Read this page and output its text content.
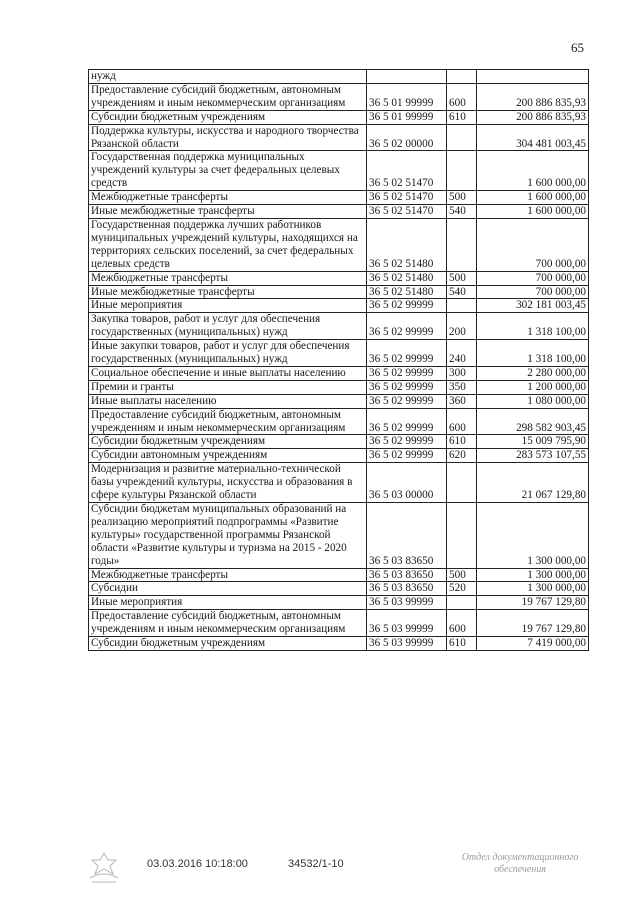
65
нужд			
Предоставление субсидий бюджетным, автономным учреждениям и иным некоммерческим организациям	36 5 01 99999	600	200 886 835,93
Субсидии бюджетным учреждениям	36 5 01 99999	610	200 886 835,93
Поддержка культуры, искусства и народного творчества Рязанской области	36 5 02 00000		304 481 003,45
Государственная поддержка муниципальных учреждений культуры за счет федеральных целевых средств	36 5 02 51470		1 600 000,00
Межбюджетные трансферты	36 5 02 51470	500	1 600 000,00
Иные межбюджетные трансферты	36 5 02 51470	540	1 600 000,00
Государственная поддержка лучших работников муниципальных учреждений культуры, находящихся на территориях сельских поселений, за счет федеральных целевых средств	36 5 02 51480		700 000,00
Межбюджетные трансферты	36 5 02 51480	500	700 000,00
Иные межбюджетные трансферты	36 5 02 51480	540	700 000,00
Иные мероприятия	36 5 02 99999		302 181 003,45
Закупка товаров, работ и услуг для обеспечения государственных (муниципальных) нужд	36 5 02 99999	200	1 318 100,00
Иные закупки товаров, работ и услуг для обеспечения государственных (муниципальных) нужд	36 5 02 99999	240	1 318 100,00
Социальное обеспечение и иные выплаты населению	36 5 02 99999	300	2 280 000,00
Премии и гранты	36 5 02 99999	350	1 200 000,00
Иные выплаты населению	36 5 02 99999	360	1 080 000,00
Предоставление субсидий бюджетным, автономным учреждениям и иным некоммерческим организациям	36 5 02 99999	600	298 582 903,45
Субсидии бюджетным учреждениям	36 5 02 99999	610	15 009 795,90
Субсидии автономным учреждениям	36 5 02 99999	620	283 573 107,55
Модернизация и развитие материально-технической базы учреждений культуры, искусства и образования в сфере культуры Рязанской области	36 5 03 00000		21 067 129,80
Субсидии бюджетам муниципальных образований на реализацию мероприятий подпрограммы «Развитие культуры» государственной программы Рязанской области «Развитие культуры и туризма на 2015 - 2020 годы»	36 5 03 83650		1 300 000,00
Межбюджетные трансферты	36 5 03 83650	500	1 300 000,00
Субсидии	36 5 03 83650	520	1 300 000,00
Иные мероприятия	36 5 03 99999		19 767 129,80
Предоставление субсидий бюджетным, автономным учреждениям и иным некоммерческим организациям	36 5 03 99999	600	19 767 129,80
Субсидии бюджетным учреждениям	36 5 03 99999	610	7 419 000,00
03.03.2016 10:18:00	34532/1-10
Отдел документационного обеспечения
